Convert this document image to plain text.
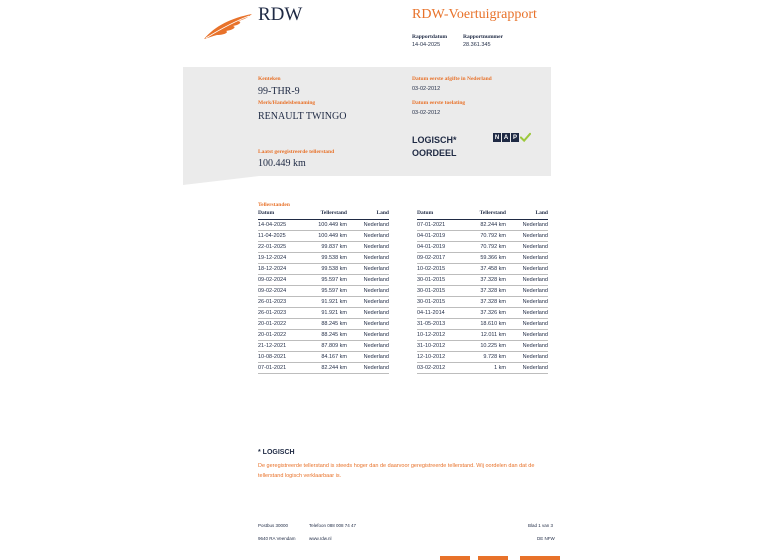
RDW	RDW-Voertuigrapport
Rapportdatum
14-04-2025
Rapportnummer
28.361.345
Kenteken
99-THR-9
Merk/Handelsbenaming
RENAULT TWINGO
Laatst geregistreerde tellerstand
100.449 km
Datum eerste afgifte in Nederland
03-02-2012
Datum eerste toelating
03-02-2012
LOGISCH*
OORDEEL
N A P
Tellerstanden
Datum	Tellerstand	Land
14-04-2025	100.449 km	Nederland
11-04-2025	100.449 km	Nederland
22-01-2025	99.837 km	Nederland
19-12-2024	99.538 km	Nederland
18-12-2024	99.538 km	Nederland
09-02-2024	95.597 km	Nederland
09-02-2024	95.597 km	Nederland
26-01-2023	91.921 km	Nederland
26-01-2023	91.921 km	Nederland
20-01-2022	88.245 km	Nederland
20-01-2022	88.245 km	Nederland
21-12-2021	87.809 km	Nederland
10-08-2021	84.167 km	Nederland
07-01-2021	82.244 km	Nederland
Datum	Tellerstand	Land
07-01-2021	82.244 km	Nederland
04-01-2019	70.792 km	Nederland
04-01-2019	70.792 km	Nederland
09-02-2017	59.366 km	Nederland
10-02-2015	37.458 km	Nederland
30-01-2015	37.328 km	Nederland
30-01-2015	37.328 km	Nederland
30-01-2015	37.328 km	Nederland
04-11-2014	37.326 km	Nederland
31-05-2013	18.610 km	Nederland
10-12-2012	12.011 km	Nederland
31-10-2012	10.225 km	Nederland
12-10-2012	9.728 km	Nederland
03-02-2012	1 km	Nederland
* LOGISCH
De geregistreerde tellerstand is steeds hoger dan de daarvoor geregistreerde tellerstand. Wij oordelen dan dat de tellerstand logisch verklaarbaar is.
Postbus 30000
9640 RA Veendam
Telefoon 088 008 74 47
www.rdw.nl
Blad 1 van 3
DE NFW
